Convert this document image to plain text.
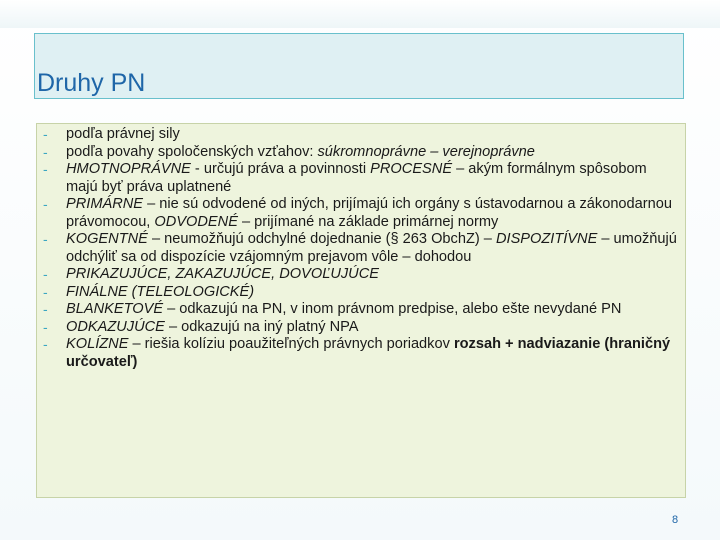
Druhy PN
- podľa právnej sily
- podľa povahy spoločenských vzťahov: súkromnoprávne – verejnoprávne
- HMOTNOPRÁVNE - určujú práva a povinnosti PROCESNÉ – akým formálnym spôsobom majú byť práva uplatnené
- PRIMÁRNE – nie sú odvodené od iných, prijímajú ich orgány s ústavodarnou a zákonodarnou právomocou, ODVODENÉ – prijímané na základe primárnej normy
- KOGENTNÉ – neumožňujú odchylné dojednanie (§ 263 ObchZ) – DISPOZITÍVNE – umožňujú odchýliť sa od dispozície vzájomným prejavom vôle – dohodou
- PRIKAZUJÚCE, ZAKAZUJÚCE, DOVOĽUJÚCE
- FINÁLNE (TELEOLOGICKÉ)
- BLANKETOVÉ – odkazujú na PN, v inom právnom predpise, alebo ešte nevydané PN
- ODKAZUJÚCE – odkazujú na iný platný NPA
- KOLÍZNE – riešia kolíziu poaužiteľných právnych poriadkov rozsah + nadviazanie (hraničný určovateľ)
8
